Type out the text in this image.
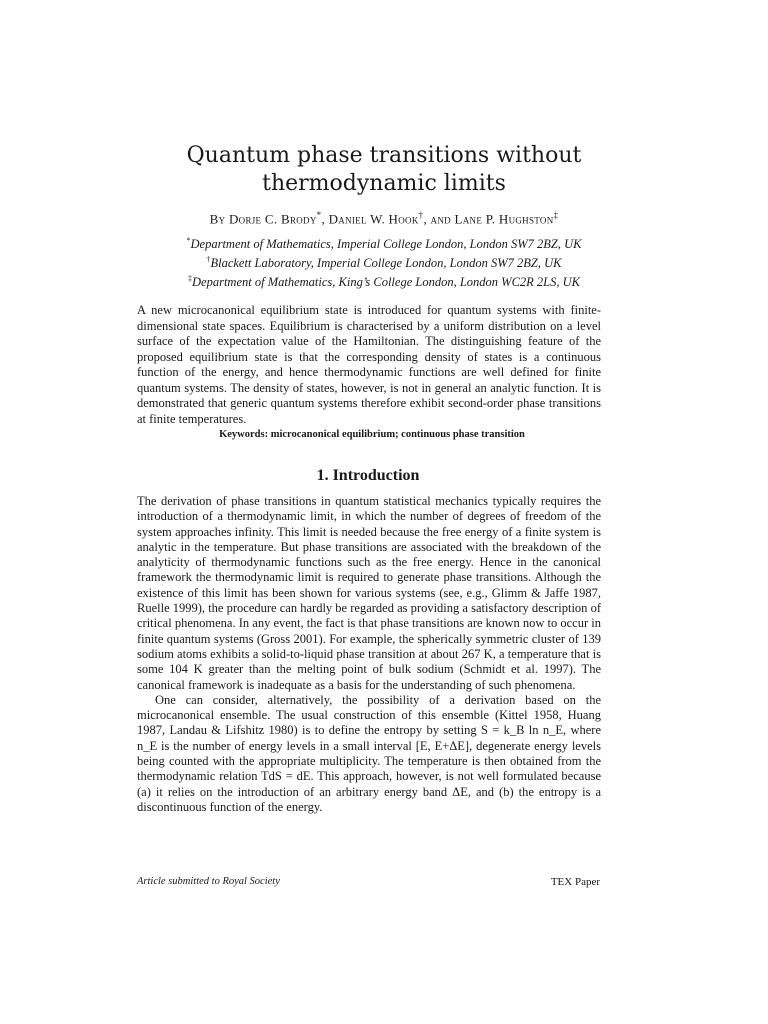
Quantum phase transitions without
thermodynamic limits
By Dorje C. Brody*, Daniel W. Hook†, and Lane P. Hughston‡
*Department of Mathematics, Imperial College London, London SW7 2BZ, UK
†Blackett Laboratory, Imperial College London, London SW7 2BZ, UK
‡Department of Mathematics, King’s College London, London WC2R 2LS, UK
A new microcanonical equilibrium state is introduced for quantum systems with finite-dimensional state spaces. Equilibrium is characterised by a uniform distribution on a level surface of the expectation value of the Hamiltonian. The distinguishing feature of the proposed equilibrium state is that the corresponding density of states is a continuous function of the energy, and hence thermodynamic functions are well defined for finite quantum systems. The density of states, however, is not in general an analytic function. It is demonstrated that generic quantum systems therefore exhibit second-order phase transitions at finite temperatures.
Keywords: microcanonical equilibrium; continuous phase transition
1. Introduction

The derivation of phase transitions in quantum statistical mechanics typically requires the introduction of a thermodynamic limit, in which the number of degrees of freedom of the system approaches infinity. This limit is needed because the free energy of a finite system is analytic in the temperature. But phase transitions are associated with the breakdown of the analyticity of thermodynamic functions such as the free energy. Hence in the canonical framework the thermodynamic limit is required to generate phase transitions. Although the existence of this limit has been shown for various systems (see, e.g., Glimm & Jaffe 1987, Ruelle 1999), the procedure can hardly be regarded as providing a satisfactory description of critical phenomena. In any event, the fact is that phase transitions are known now to occur in finite quantum systems (Gross 2001). For example, the spherically symmetric cluster of 139 sodium atoms exhibits a solid-to-liquid phase transition at about 267 K, a temperature that is some 104 K greater than the melting point of bulk sodium (Schmidt et al. 1997). The canonical framework is inadequate as a basis for the understanding of such phenomena.

One can consider, alternatively, the possibility of a derivation based on the microcanonical ensemble. The usual construction of this ensemble (Kittel 1958, Huang 1987, Landau & Lifshitz 1980) is to define the entropy by setting S = k_B ln n_E, where n_E is the number of energy levels in a small interval [E, E+ΔE], degenerate energy levels being counted with the appropriate multiplicity. The temperature is then obtained from the thermodynamic relation TdS = dE. This approach, however, is not well formulated because (a) it relies on the introduction of an arbitrary energy band ΔE, and (b) the entropy is a discontinuous function of the energy.

Article submitted to Royal Society	TEX Paper
